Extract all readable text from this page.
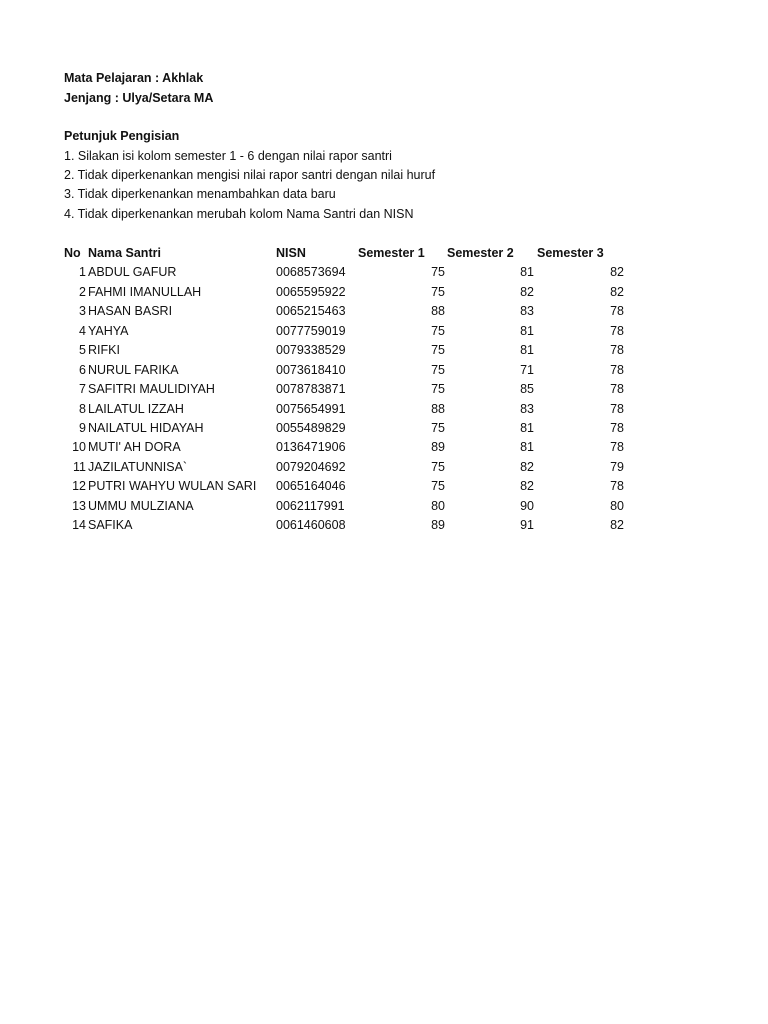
Mata Pelajaran : Akhlak
Jenjang : Ulya/Setara MA
Petunjuk Pengisian
1. Silakan isi kolom semester 1 - 6 dengan nilai rapor santri
2. Tidak diperkenankan mengisi nilai rapor santri dengan nilai huruf
3. Tidak diperkenankan menambahkan data baru
4. Tidak diperkenankan merubah kolom Nama Santri dan NISN
No Nama Santri	NISN	Semester 1 Semester 2 Semester 3
1 ABDUL GAFUR	0068573694	75	81	82
2 FAHMI IMANULLAH	0065595922	75	82	82
3 HASAN BASRI	0065215463	88	83	78
4 YAHYA	0077759019	75	81	78
5 RIFKI	0079338529	75	81	78
6 NURUL FARIKA	0073618410	75	71	78
7 SAFITRI MAULIDIYAH	0078783871	75	85	78
8 LAILATUL IZZAH	0075654991	88	83	78
9 NAILATUL HIDAYAH	0055489829	75	81	78
10 MUTI' AH DORA	0136471906	89	81	78
11 JAZILATUNNISA`	0079204692	75	82	79
12 PUTRI WAHYU WULAN SARI 0065164046	75	82	78
13 UMMU MULZIANA	0062117991	80	90	80
14 SAFIKA	0061460608	89	91	82
